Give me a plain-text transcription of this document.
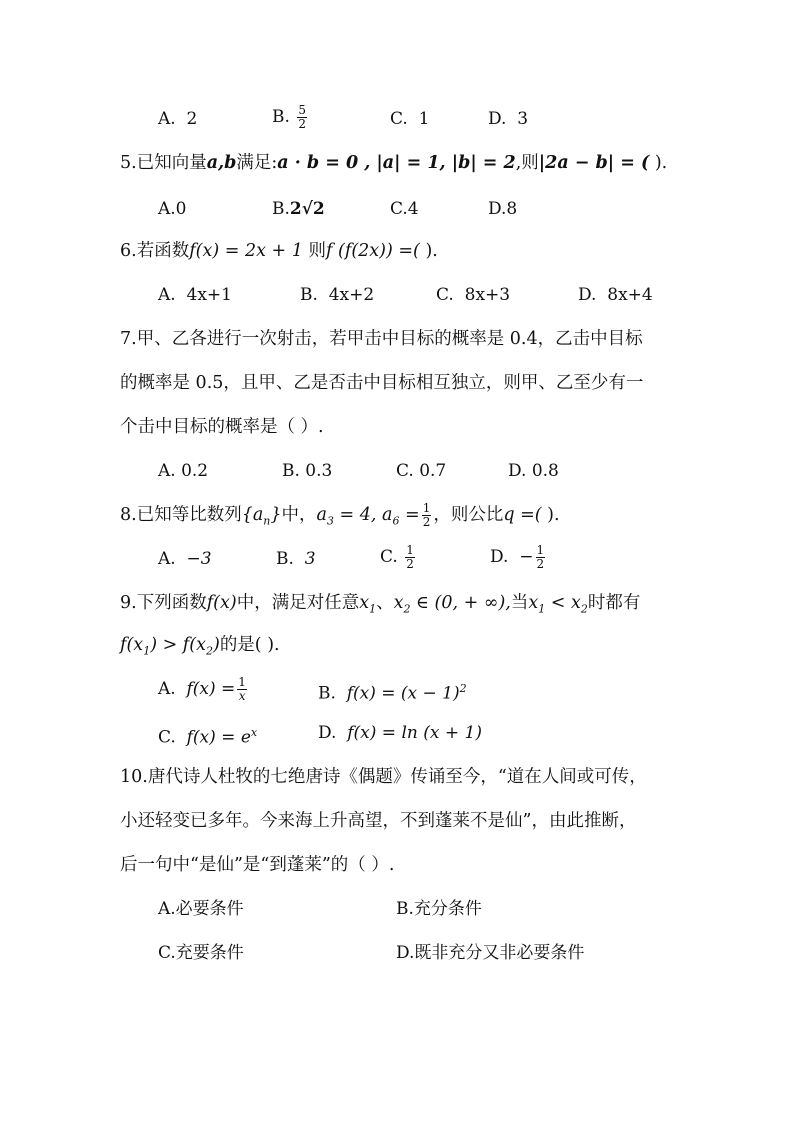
A. 2	B. $\frac{5}{2}$	C. 1	D. 3
5.已知向量a,b满足:a · b = 0 , |a| = 1, |b| = 2,则|2a − b| = ( ).
A.0	B.2√2	C.4	D.8
6.若函数f(x) = 2x + 1 则f (f(2x)) =( ).
A. 4x+1	B. 4x+2	C. 8x+3	D. 8x+4
7.甲、乙各进行一次射击，若甲击中目标的概率是 0.4，乙击中目标
的概率是 0.5，且甲、乙是否击中目标相互独立，则甲、乙至少有一
个击中目标的概率是（ ）.
A. 0.2	B. 0.3	C. 0.7	D. 0.8
8.已知等比数列$\{a_n\}$中，$a_3 = 4$, $a_6 = \frac{1}{2}$ ，则公比q =( ).
A. −3	B. 3	C. $\frac{1}{2}$	D. − $\frac{1}{2}$
9.下列函数f(x)中，满足对任意$x_1$、$x_2$ ∈ (0, + ∞),当$x_1 < x_2$时都有
$f(x_1) > f(x_2)$的是( ).
A. $f(x) = \frac{1}{x}$	B. $f(x) = (x - 1)^2$
C. $f(x) = e^x$	D. f(x) = ln (x + 1)
10.唐代诗人杜牧的七绝唐诗《偶题》传诵至今，“道在人间或可传，
小还轻变已多年。今来海上升高望，不到蓬莱不是仙”，由此推断，
后一句中“是仙”是“到蓬莱”的（ ）.
A.必要条件	B.充分条件
C.充要条件	D.既非充分又非必要条件
